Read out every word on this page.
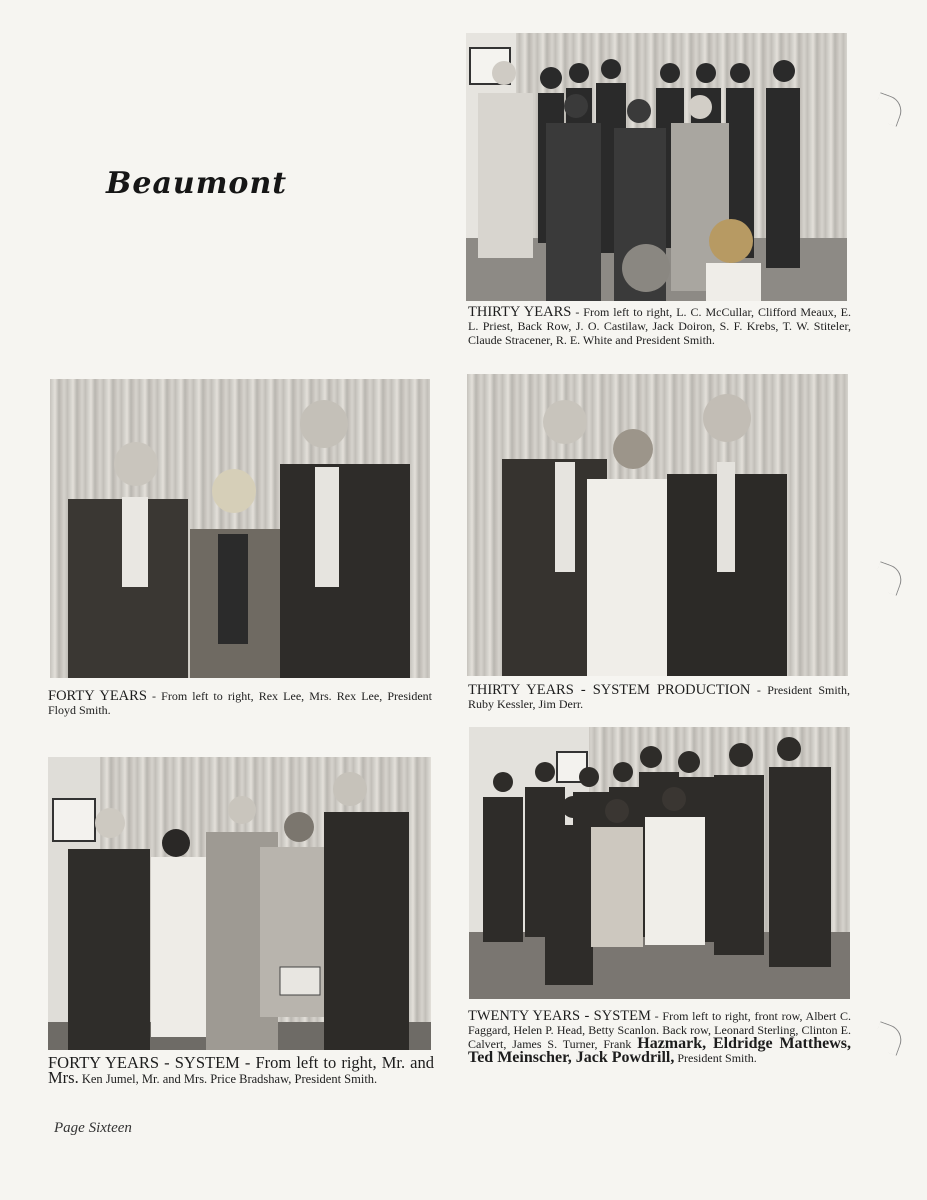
Beaumont
THIRTY YEARS - From left to right, L. C. McCullar, Clifford Meaux, E. L. Priest, Back Row, J. O. Castilaw, Jack Doiron, S. F. Krebs, T. W. Stiteler, Claude Stracener, R. E. White and President Smith.
FORTY YEARS - From left to right, Rex Lee, Mrs. Rex Lee, President Floyd Smith.
THIRTY YEARS - SYSTEM PRODUCTION - President Smith, Ruby Kessler, Jim Derr.
FORTY YEARS - SYSTEM - From left to right, Mr. and Mrs. Ken Jumel, Mr. and Mrs. Price Bradshaw, President Smith.
TWENTY YEARS - SYSTEM - From left to right, front row, Albert C. Faggard, Helen P. Head, Betty Scanlon. Back row, Leonard Sterling, Clinton E. Calvert, James S. Turner, Frank Hazmark, Eldridge Matthews, Ted Meinscher, Jack Powdrill, President Smith.
Page Sixteen
